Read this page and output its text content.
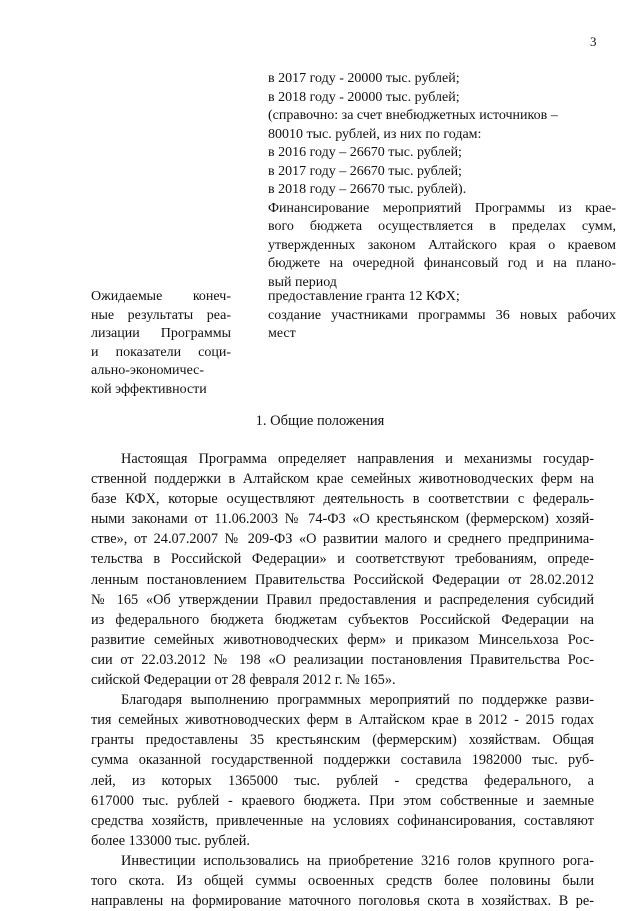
3
в 2017 году - 20000 тыс. рублей;
в 2018 году - 20000 тыс. рублей;
(справочно: за счет внебюджетных источников –
80010 тыс. рублей, из них по годам:
в 2016 году – 26670 тыс. рублей;
в 2017 году – 26670 тыс. рублей;
в 2018 году – 26670 тыс. рублей).
Финансирование мероприятий Программы из крае-
вого бюджета осуществляется в пределах сумм,
утвержденных законом Алтайского края о краевом
бюджете на очередной финансовый год и на плано-
вый период
Ожидаемые конеч-
ные результаты реа-
лизации Программы
и показатели соци-
ально-экономичес-
кой эффективности
предоставление гранта 12 КФХ;
создание участниками программы 36 новых рабочих
мест
1. Общие положения
Настоящая Программа определяет направления и механизмы государ-
ственной поддержки в Алтайском крае семейных животноводческих ферм на
базе КФХ, которые осуществляют деятельность в соответствии с федераль-
ными законами от 11.06.2003 № 74-ФЗ «О крестьянском (фермерском) хозяй-
стве», от 24.07.2007 № 209-ФЗ «О развитии малого и среднего предпринима-
тельства в Российской Федерации» и соответствуют требованиям, опреде-
ленным постановлением Правительства Российской Федерации от 28.02.2012
№ 165 «Об утверждении Правил предоставления и распределения субсидий
из федерального бюджета бюджетам субъектов Российской Федерации на
развитие семейных животноводческих ферм» и приказом Минсельхоза Рос-
сии от 22.03.2012 № 198 «О реализации постановления Правительства Рос-
сийской Федерации от 28 февраля 2012 г. № 165».
Благодаря выполнению программных мероприятий по поддержке разви-
тия семейных животноводческих ферм в Алтайском крае в 2012 - 2015 годах
гранты предоставлены 35 крестьянским (фермерским) хозяйствам. Общая
сумма оказанной государственной поддержки составила 1982000 тыс. руб-
лей, из которых 1365000 тыс. рублей - средства федерального, а
617000 тыс. рублей - краевого бюджета. При этом собственные и заемные
средства хозяйств, привлеченные на условиях софинансирования, составляют
более 133000 тыс. рублей.
Инвестиции использовались на приобретение 3216 голов крупного рога-
того скота. Из общей суммы освоенных средств более половины были
направлены на формирование маточного поголовья скота в хозяйствах. В ре-
